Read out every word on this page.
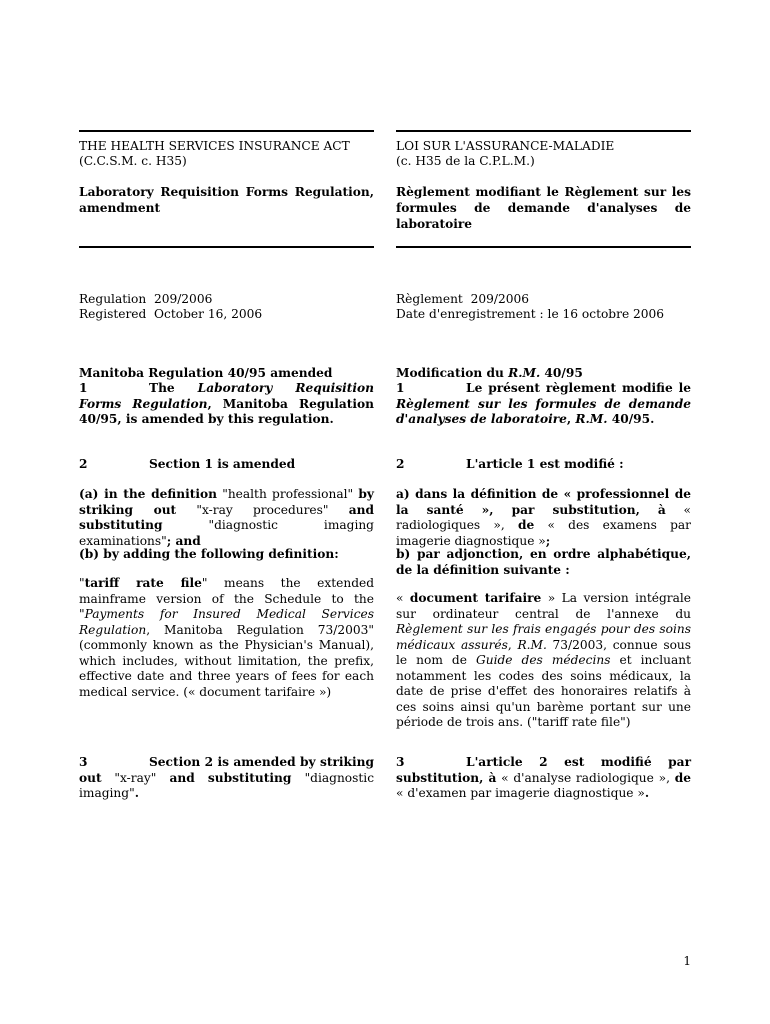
THE HEALTH SERVICES INSURANCE ACT
(C.C.S.M. c. H35)
Laboratory Requisition Forms Regulation, amendment
Regulation 209/2006
Registered October 16, 2006
Manitoba Regulation 40/95 amended
1	The Laboratory Requisition Forms Regulation, Manitoba Regulation 40/95, is amended by this regulation.
2	Section 1 is amended
(a) in the definition "health professional" by striking out "x-ray procedures" and substituting "diagnostic imaging examinations"; and
(b) by adding the following definition:
"tariff rate file" means the extended mainframe version of the Schedule to the "Payments for Insured Medical Services Regulation, Manitoba Regulation 73/2003" (commonly known as the Physician's Manual), which includes, without limitation, the prefix, effective date and three years of fees for each medical service. (« document tarifaire »)
3	Section 2 is amended by striking out "x-ray" and substituting "diagnostic imaging".
LOI SUR L'ASSURANCE-MALADIE
(c. H35 de la C.P.L.M.)
Règlement modifiant le Règlement sur les formules de demande d'analyses de laboratoire
Règlement 209/2006
Date d'enregistrement : le 16 octobre 2006
Modification du R.M. 40/95
1	Le présent règlement modifie le Règlement sur les formules de demande d'analyses de laboratoire, R.M. 40/95.
2	L'article 1 est modifié :
a) dans la définition de « professionnel de la santé », par substitution, à « radiologiques », de « des examens par imagerie diagnostique »;
b) par adjonction, en ordre alphabétique, de la définition suivante :
« document tarifaire » La version intégrale sur ordinateur central de l'annexe du Règlement sur les frais engagés pour des soins médicaux assurés, R.M. 73/2003, connue sous le nom de Guide des médecins et incluant notamment les codes des soins médicaux, la date de prise d'effet des honoraires relatifs à ces soins ainsi qu'un barème portant sur une période de trois ans. ("tariff rate file")
3	L'article 2 est modifié par substitution, à « d'analyse radiologique », de « d'examen par imagerie diagnostique ».
1
